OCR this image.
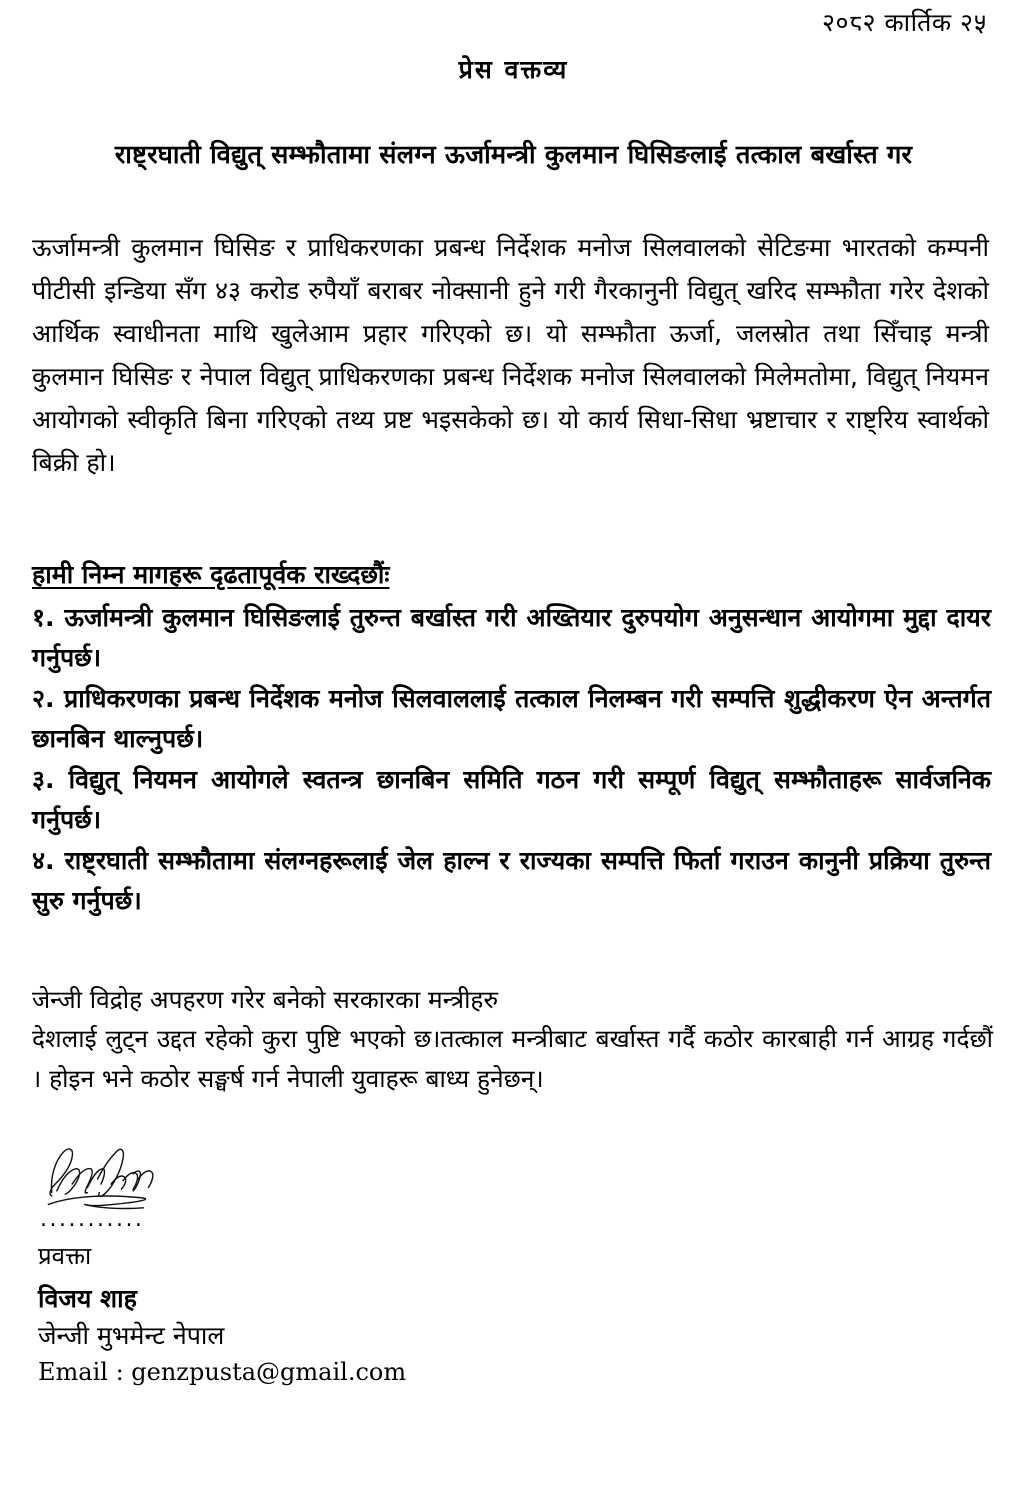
२०८२ कार्तिक २५
प्रेस वक्तव्य
राष्ट्रघाती विद्युत् सम्झौतामा संलग्न ऊर्जामन्त्री कुलमान घिसिङलाई तत्काल बर्खास्त गर
ऊर्जामन्त्री कुलमान घिसिङ र प्राधिकरणका प्रबन्ध निर्देशक मनोज सिलवालको सेटिङमा भारतको कम्पनी पीटीसी इन्डिया सँग ४३ करोड रुपैयाँ बराबर नोक्सानी हुने गरी गैरकानुनी विद्युत् खरिद सम्झौता गरेर देशको आर्थिक स्वाधीनता माथि खुलेआम प्रहार गरिएको छ। यो सम्झौता ऊर्जा, जलस्रोत तथा सिँचाइ मन्त्री कुलमान घिसिङ र नेपाल विद्युत् प्राधिकरणका प्रबन्ध निर्देशक मनोज सिलवालको मिलेमतोमा, विद्युत् नियमन आयोगको स्वीकृति बिना गरिएको तथ्य प्रष्ट भइसकेको छ। यो कार्य सिधा-सिधा भ्रष्टाचार र राष्ट्रिय स्वार्थको बिक्री हो।
हामी निम्न मागहरू दृढतापूर्वक राख्दछौंः
१. ऊर्जामन्त्री कुलमान घिसिङलाई तुरुन्त बर्खास्त गरी अख्तियार दुरुपयोग अनुसन्धान आयोगमा मुद्दा दायर गर्नुपर्छ।
२. प्राधिकरणका प्रबन्ध निर्देशक मनोज सिलवाललाई तत्काल निलम्बन गरी सम्पत्ति शुद्धीकरण ऐन अन्तर्गत छानबिन थाल्नुपर्छ।
३. विद्युत् नियमन आयोगले स्वतन्त्र छानबिन समिति गठन गरी सम्पूर्ण विद्युत् सम्झौताहरू सार्वजनिक गर्नुपर्छ।
४. राष्ट्रघाती सम्झौतामा संलग्नहरूलाई जेल हाल्न र राज्यका सम्पत्ति फिर्ता गराउन कानुनी प्रक्रिया तुरुन्त सुरु गर्नुपर्छ।
जेन्जी विद्रोह अपहरण गरेर बनेको सरकारका मन्त्रीहरु
देशलाई लुट्न उद्दत रहेको कुरा पुष्टि भएको छ।तत्काल मन्त्रीबाट बर्खास्त गर्दै कठोर कारबाही गर्न आग्रह गर्दछौं । होइन भने कठोर सङ्घर्ष गर्न नेपाली युवाहरू बाध्य हुनेछन्।
...........
प्रवक्ता
विजय शाह
जेन्जी मुभमेन्ट नेपाल
Email : genzpusta@gmail.com
